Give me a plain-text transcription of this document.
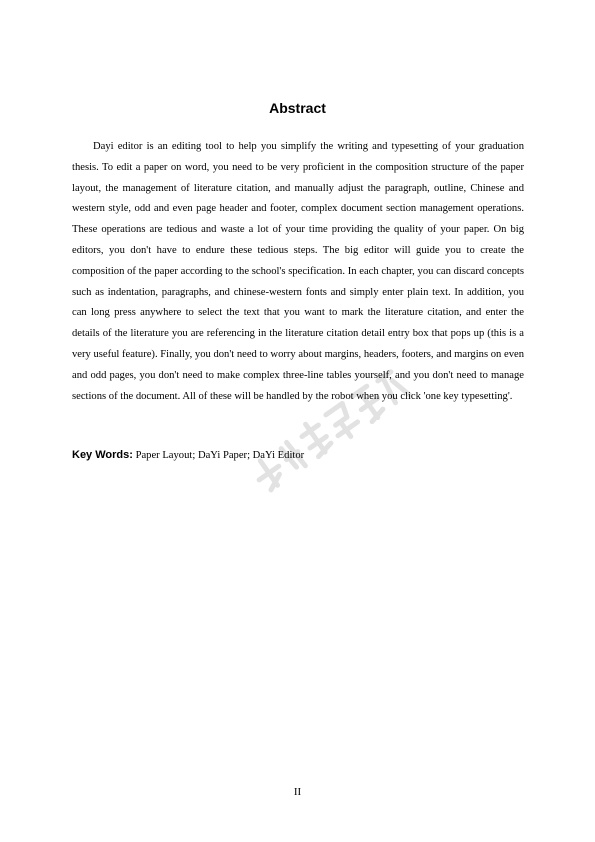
Abstract

Dayi editor is an editing tool to help you simplify the writing and typesetting of your graduation thesis. To edit a paper on word, you need to be very proficient in the composition structure of the paper layout, the management of literature citation, and manually adjust the paragraph, outline, Chinese and western style, odd and even page header and footer, complex document section management operations. These operations are tedious and waste a lot of your time providing the quality of your paper. On big editors, you don't have to endure these tedious steps. The big editor will guide you to create the composition of the paper according to the school's specification. In each chapter, you can discard concepts such as indentation, paragraphs, and chinese-western fonts and simply enter plain text. In addition, you can long press anywhere to select the text that you want to mark the literature citation, and enter the details of the literature you are referencing in the literature citation detail entry box that pops up (this is a very useful feature). Finally, you don't need to worry about margins, headers, footers, and margins on even and odd pages, you don't need to make complex three-line tables yourself, and you don't need to manage sections of the document. All of these will be handled by the robot when you click 'one key typesetting'.

Key Words: Paper Layout; DaYi Paper; DaYi Editor

II
